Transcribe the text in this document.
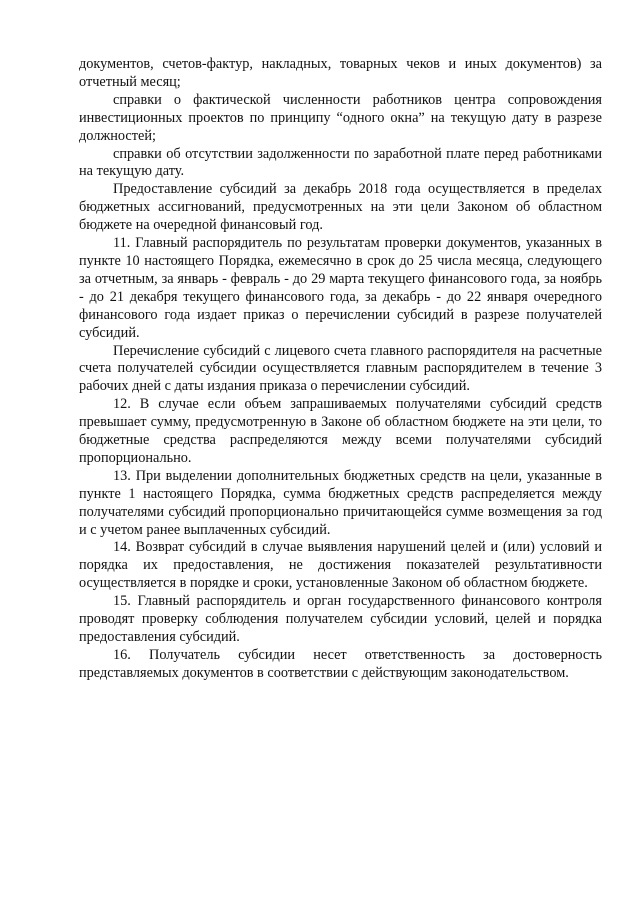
документов, счетов-фактур, накладных, товарных чеков и иных документов) за отчетный месяц;

справки о фактической численности работников центра сопровождения инвестиционных проектов по принципу “одного окна” на текущую дату в разрезе должностей;

справки об отсутствии задолженности по заработной плате перед работниками на текущую дату.

Предоставление субсидий за декабрь 2018 года осуществляется в пределах бюджетных ассигнований, предусмотренных на эти цели Законом об областном бюджете на очередной финансовый год.

11. Главный распорядитель по результатам проверки документов, указанных в пункте 10 настоящего Порядка, ежемесячно в срок до 25 числа месяца, следующего за отчетным, за январь - февраль - до 29 марта текущего финансового года, за ноябрь - до 21 декабря текущего финансового года, за декабрь - до 22 января очередного финансового года издает приказ о перечислении субсидий в разрезе получателей субсидий.

Перечисление субсидий с лицевого счета главного распорядителя на расчетные счета получателей субсидии осуществляется главным распорядителем в течение 3 рабочих дней с даты издания приказа о перечислении субсидий.

12. В случае если объем запрашиваемых получателями субсидий средств превышает сумму, предусмотренную в Законе об областном бюджете на эти цели, то бюджетные средства распределяются между всеми получателями субсидий пропорционально.

13. При выделении дополнительных бюджетных средств на цели, указанные в пункте 1 настоящего Порядка, сумма бюджетных средств распределяется между получателями субсидий пропорционально причитающейся сумме возмещения за год и с учетом ранее выплаченных субсидий.

14. Возврат субсидий в случае выявления нарушений целей и (или) условий и порядка их предоставления, не достижения показателей результативности осуществляется в порядке и сроки, установленные Законом об областном бюджете.

15. Главный распорядитель и орган государственного финансового контроля проводят проверку соблюдения получателем субсидии условий, целей и порядка предоставления субсидий.

16. Получатель субсидии несет ответственность за достоверность представляемых документов в соответствии с действующим законодательством.
